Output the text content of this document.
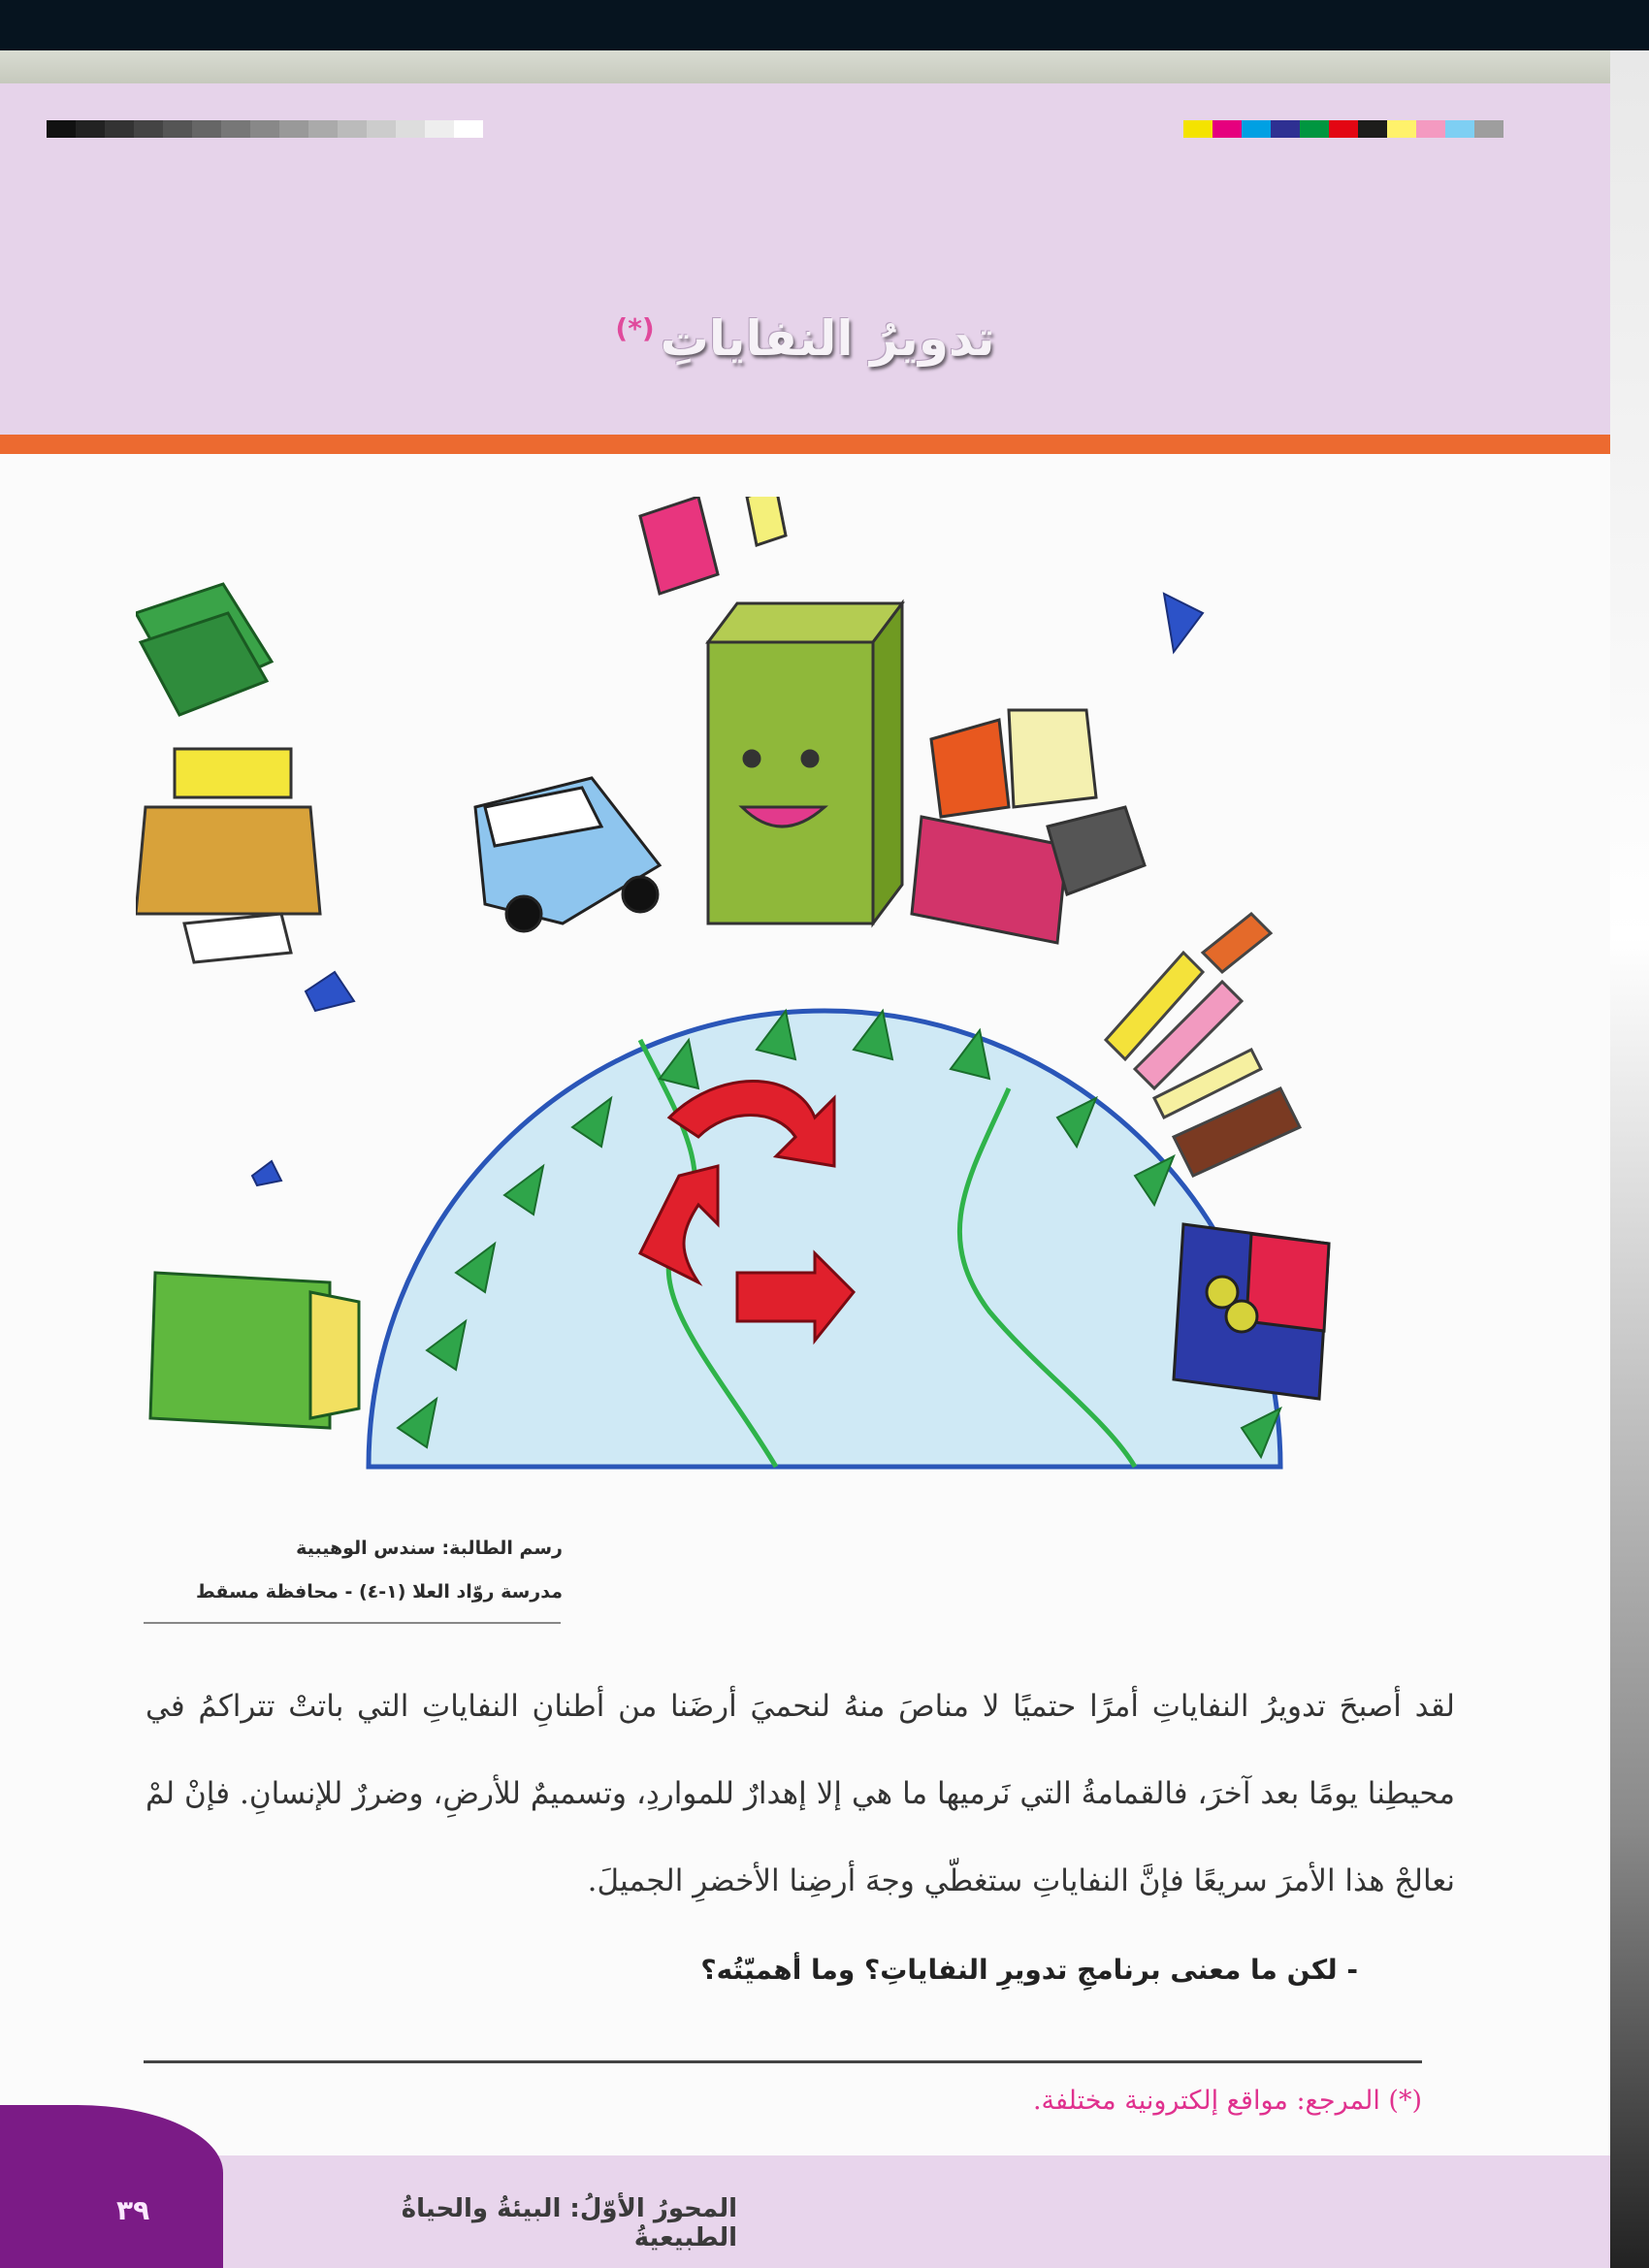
تدويرُ النفاياتِ(*)
رسم الطالبة: سندس الوهيبية
مدرسة روّاد العلا (١-٤) - محافظة مسقط
لقد أصبحَ تدويرُ النفاياتِ أمرًا حتميًا لا مناصَ منهُ لنحميَ أرضَنا من أطنانِ النفاياتِ التي باتتْ تتراكمُ في محيطِنا يومًا بعد آخرَ، فالقمامةُ التي نَرميها ما هي إلا إهدارٌ للمواردِ، وتسميمٌ للأرضِ، وضررٌ للإنسانِ. فإنْ لمْ نعالجْ هذا الأمرَ سريعًا فإنَّ النفاياتِ ستغطّي وجهَ أرضِنا الأخضرِ الجميلَ.
- لكن ما معنى برنامجِ تدويرِ النفاياتِ؟ وما أهميّتُه؟
(*) المرجع: مواقع إلكترونية مختلفة.
٣٩	المحورُ الأوّلُ: البيئةُ والحياةُ الطبيعيةُ
